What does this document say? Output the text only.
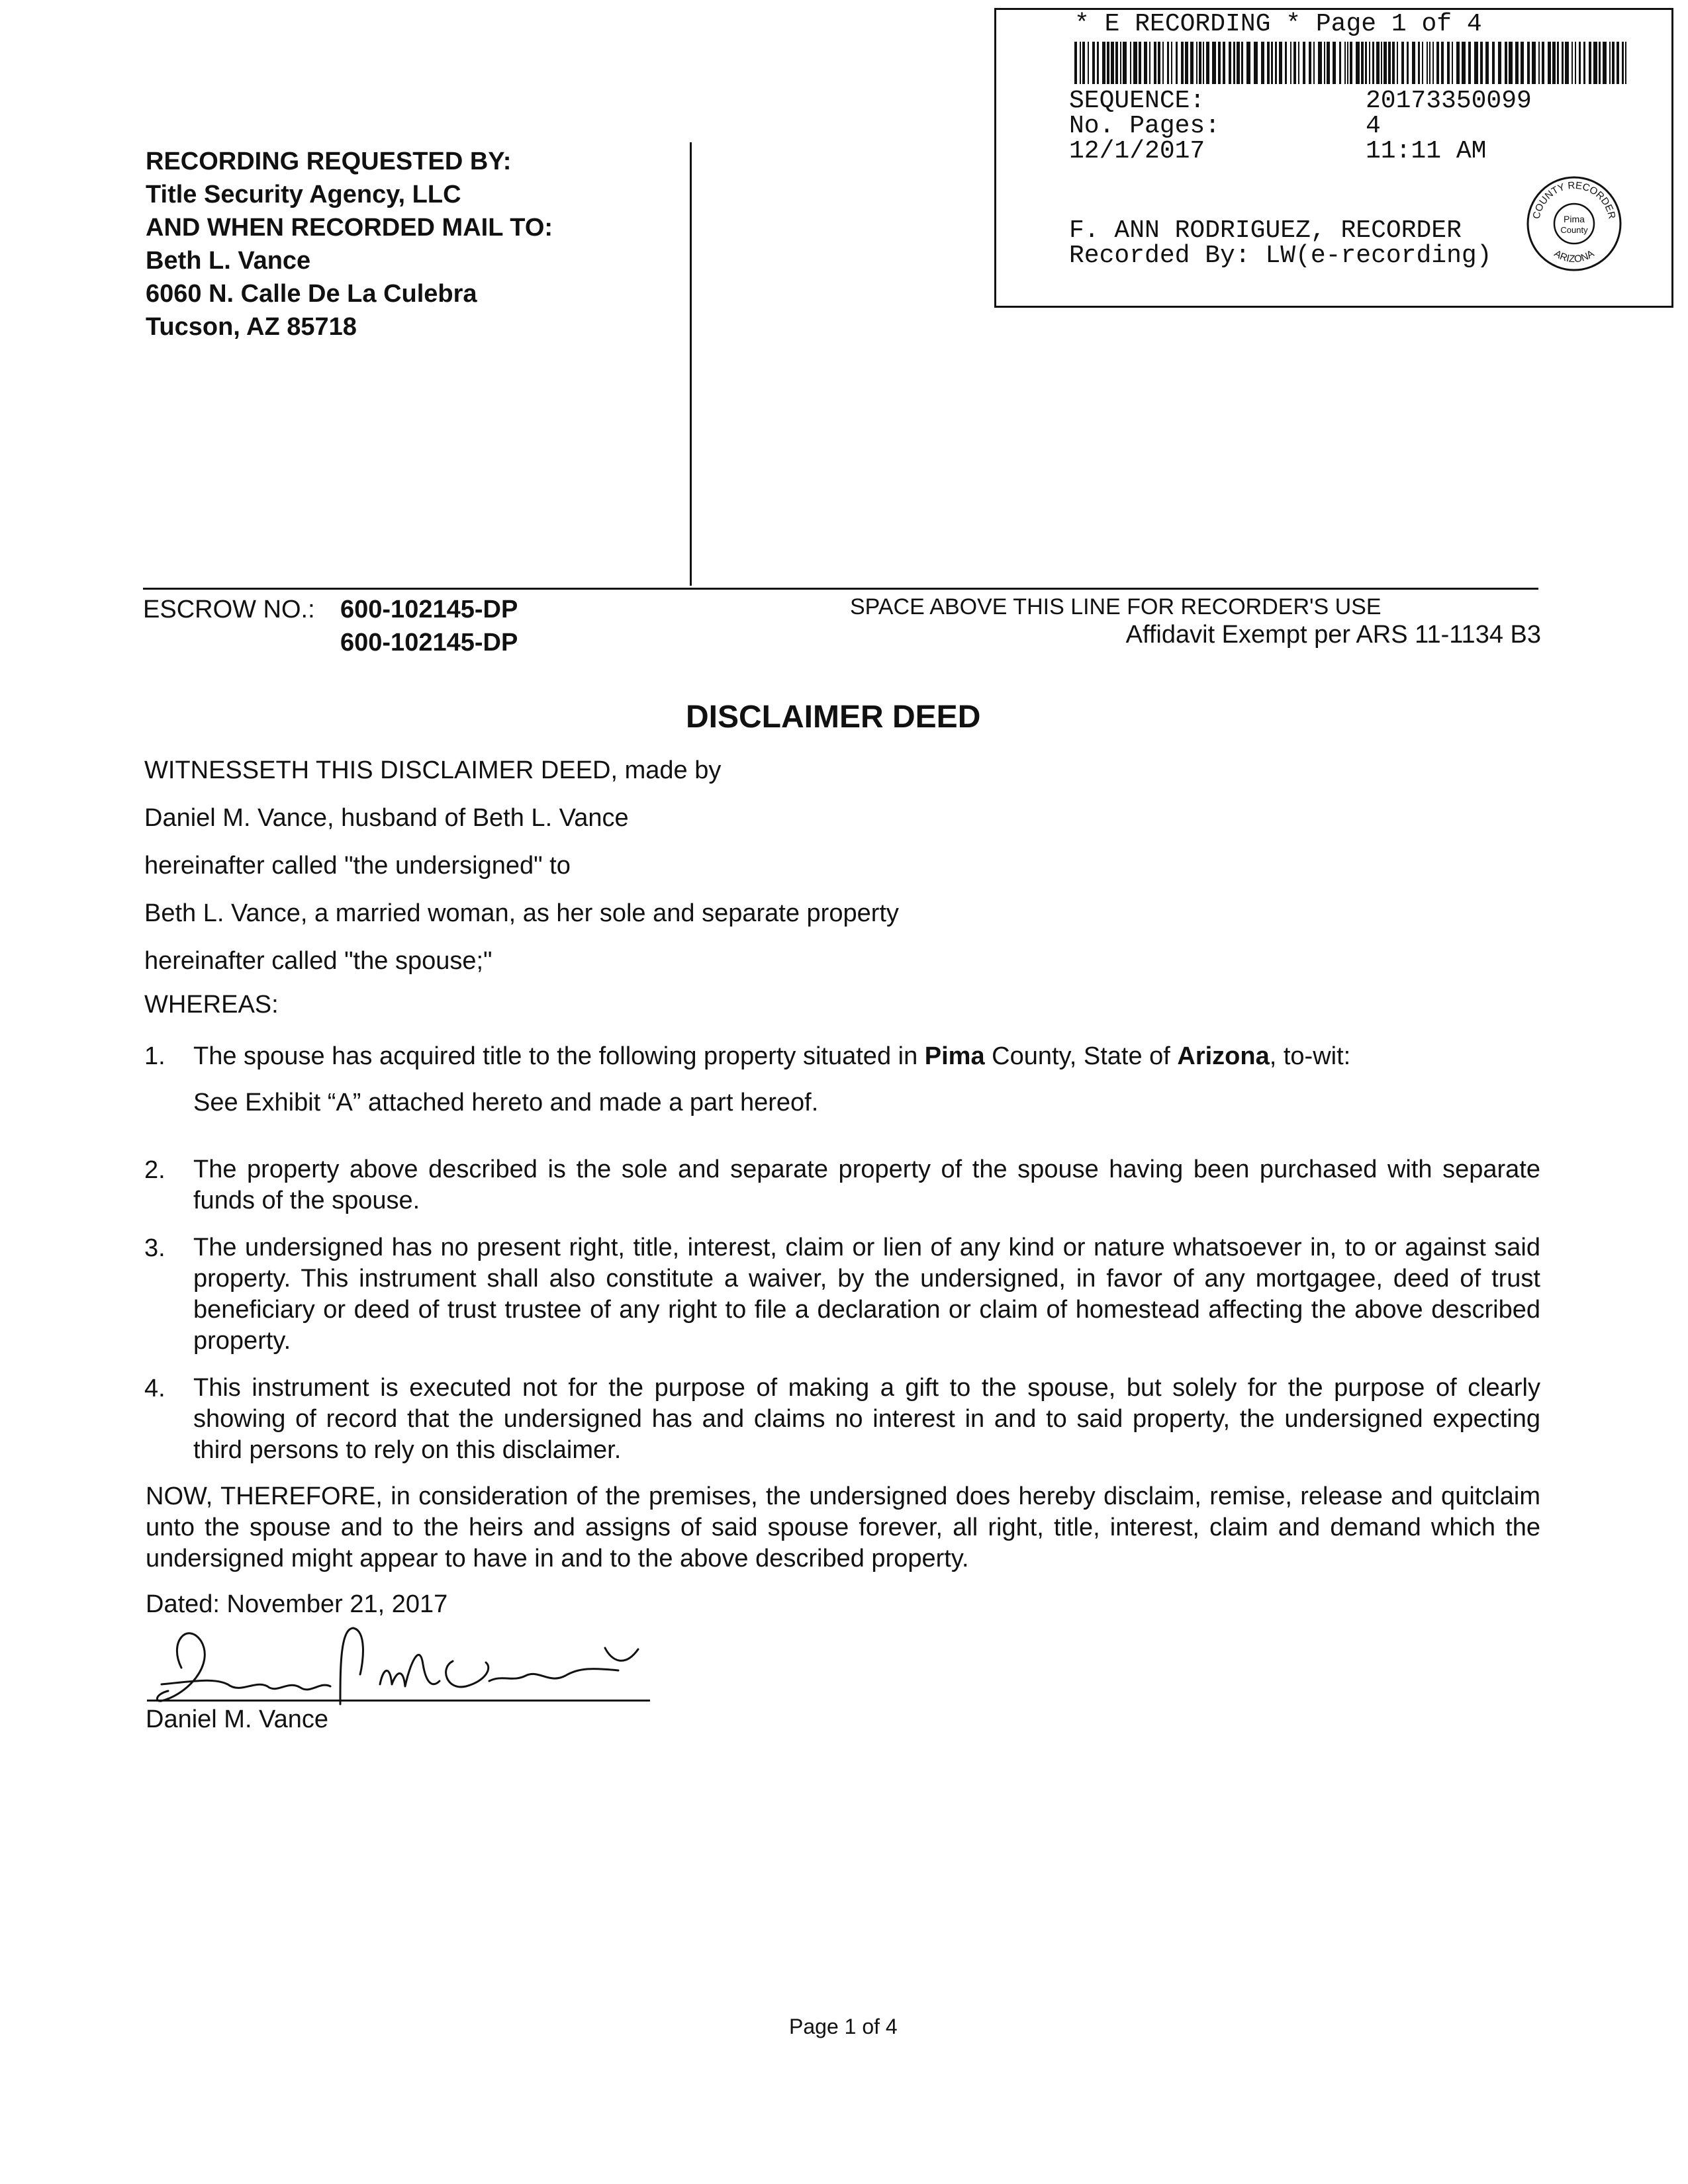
* E RECORDING * Page 1 of 4
SEQUENCE:	20173350099
No. Pages:	4
12/1/2017	11:11 AM
F. ANN RODRIGUEZ, RECORDER
Recorded By: LW(e-recording)
COUNTY RECORDER
ARIZONA
Pima
County
RECORDING REQUESTED BY:
Title Security Agency, LLC
AND WHEN RECORDED MAIL TO:
Beth L. Vance
6060 N. Calle De La Culebra
Tucson, AZ 85718
ESCROW NO.: 600-102145-DP
600-102145-DP
SPACE ABOVE THIS LINE FOR RECORDER'S USE
Affidavit Exempt per ARS 11-1134 B3
DISCLAIMER DEED
WITNESSETH THIS DISCLAIMER DEED, made by
Daniel M. Vance, husband of Beth L. Vance
hereinafter called "the undersigned" to
Beth L. Vance, a married woman, as her sole and separate property
hereinafter called "the spouse;"
WHEREAS:
1. The spouse has acquired title to the following property situated in Pima County, State of Arizona, to-wit:
See Exhibit “A” attached hereto and made a part hereof.
2. The property above described is the sole and separate property of the spouse having been purchased with separate funds of the spouse.
3. The undersigned has no present right, title, interest, claim or lien of any kind or nature whatsoever in, to or against said property. This instrument shall also constitute a waiver, by the undersigned, in favor of any mortgagee, deed of trust beneficiary or deed of trust trustee of any right to file a declaration or claim of homestead affecting the above described property.
4. This instrument is executed not for the purpose of making a gift to the spouse, but solely for the purpose of clearly showing of record that the undersigned has and claims no interest in and to said property, the undersigned expecting third persons to rely on this disclaimer.
NOW, THEREFORE, in consideration of the premises, the undersigned does hereby disclaim, remise, release and quitclaim unto the spouse and to the heirs and assigns of said spouse forever, all right, title, interest, claim and demand which the undersigned might appear to have in and to the above described property.
Dated: November 21, 2017
Daniel M. Vance
Page 1 of 4
